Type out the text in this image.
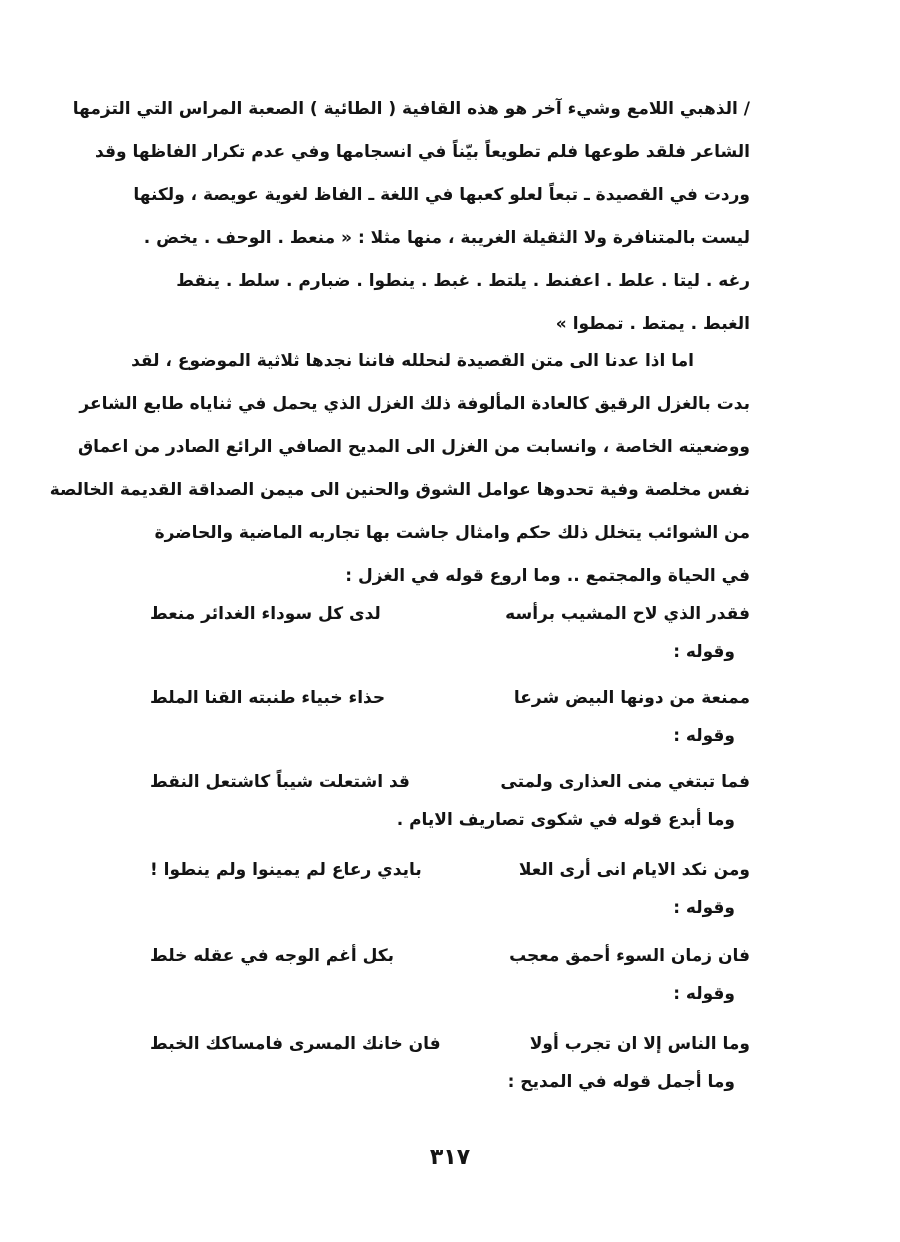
/ الذهبي اللامع وشيء آخر هو هذه القافية ( الطائية ) الصعبة المراس التي التزمها

الشاعر فلقد طوعها فلم تطويعاً بيّناً في انسجامها وفي عدم تكرار الفاظها وقد

وردت في القصيدة ـ تبعاً لعلو كعبها في اللغة ـ الفاظ لغوية عويصة ، ولكنها

ليست بالمتنافرة ولا الثقيلة الغريبة ، منها مثلا : « منعط . الوحف . يخض .

رغه . ليتا . علط . اعفنط . يلتط . غبط . ينطوا . ضبارم . سلط . ينقط

الغبط . يمتط . تمطوا »

اما اذا عدنا الى متن القصيدة لنحلله فاننا نجدها ثلاثية الموضوع ، لقد

بدت بالغزل الرقيق كالعادة المألوفة ذلك الغزل الذي يحمل في ثناياه طابع الشاعر

ووضعيته الخاصة ، وانسابت من الغزل الى المديح الصافي الرائع الصادر من اعماق

نفس مخلصة وفية تحدوها عوامل الشوق والحنين الى ميمن الصداقة القديمة الخالصة

من الشوائب يتخلل ذلك حكم وامثال جاشت بها تجاربه الماضية والحاضرة

في الحياة والمجتمع .. وما اروع قوله في الغزل :

فقدر الذي لاح المشيب برأسه
لدى كل سوداء الغدائر منعط
وقوله :
ممنعة من دونها البيض شرعا
حذاء خبياء طنبته القنا الملط
وقوله :
فما تبتغي منى العذارى ولمتى
قد اشتعلت شيباً كاشتعل النقط
وما أبدع قوله في شكوى تصاريف الايام .
ومن نكد الايام انى أرى العلا
بايدي رعاع لم يمينوا ولم ينطوا !
وقوله :
فان زمان السوء أحمق معجب
بكل أغم الوجه في عقله خلط
وقوله :
وما الناس إلا ان تجرب أولا
فان خانك المسرى فامساكك الخبط
وما أجمل قوله في المديح :
٣١٧
